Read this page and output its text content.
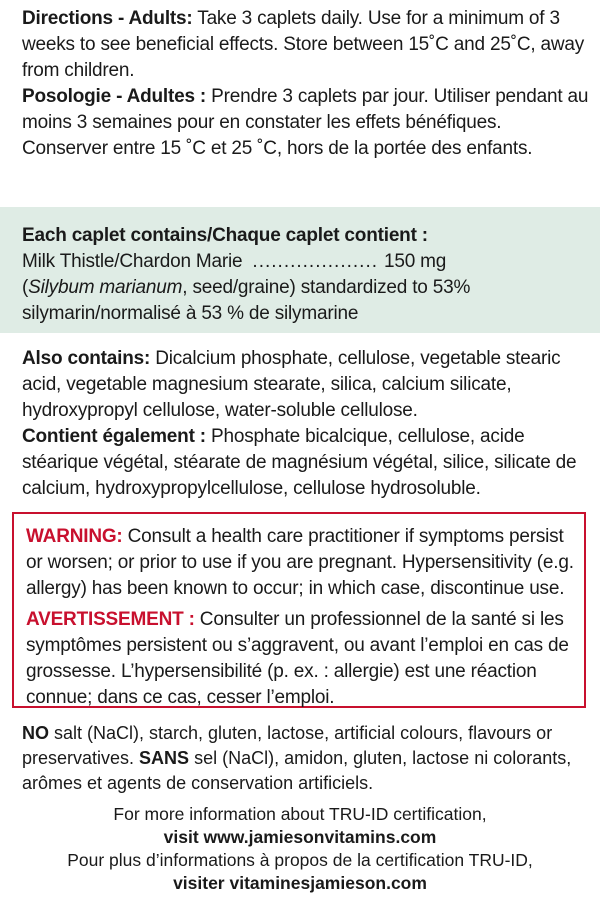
Directions - Adults: Take 3 caplets daily. Use for a minimum of 3 weeks to see beneficial effects. Store between 15˚C and 25˚C, away from children.
Posologie - Adultes : Prendre 3 caplets par jour. Utiliser pendant au moins 3 semaines pour en constater les effets bénéfiques. Conserver entre 15 ˚C et 25 ˚C, hors de la portée des enfants.
Each caplet contains/Chaque caplet contient :
Milk Thistle/Chardon Marie .................... 150 mg
(Silybum marianum, seed/graine) standardized to 53% silymarin/normalisé à 53 % de silymarine
Also contains: Dicalcium phosphate, cellulose, vegetable stearic acid, vegetable magnesium stearate, silica, calcium silicate, hydroxypropyl cellulose, water-soluble cellulose.
Contient également : Phosphate bicalcique, cellulose, acide stéarique végétal, stéarate de magnésium végétal, silice, silicate de calcium, hydroxypropylcellulose, cellulose hydrosoluble.
WARNING: Consult a health care practitioner if symptoms persist or worsen; or prior to use if you are pregnant. Hypersensitivity (e.g. allergy) has been known to occur; in which case, discontinue use.
AVERTISSEMENT : Consulter un professionnel de la santé si les symptômes persistent ou s’aggravent, ou avant l’emploi en cas de grossesse. L’hypersensibilité (p. ex. : allergie) est une réaction connue; dans ce cas, cesser l’emploi.
NO salt (NaCl), starch, gluten, lactose, artificial colours, flavours or preservatives. SANS sel (NaCl), amidon, gluten, lactose ni colorants, arômes et agents de conservation artificiels.
For more information about TRU-ID certification,
visit www.jamiesonvitamins.com
Pour plus d’informations à propos de la certification TRU-ID,
visiter vitaminesjamieson.com
